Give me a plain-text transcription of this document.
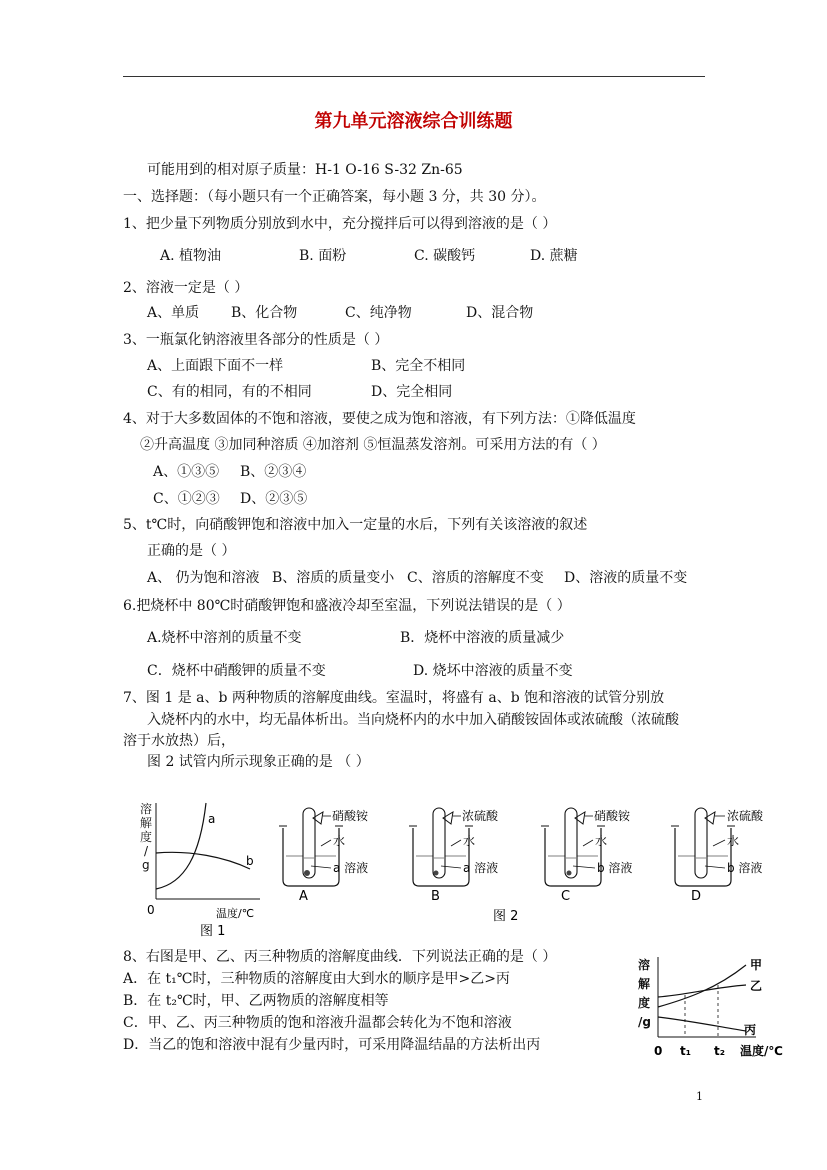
第九单元溶液综合训练题
可能用到的相对原子质量：H-1 O-16 S-32 Zn-65
一、选择题：（每小题只有一个正确答案，每小题 3 分，共 30 分）。
1、把少量下列物质分别放到水中，充分搅拌后可以得到溶液的是（ ）
A. 植物油	B. 面粉	C. 碳酸钙	D. 蔗糖
2、溶液一定是（ ）
A、单质 B、化合物	C、纯净物	D、混合物
3、一瓶氯化钠溶液里各部分的性质是（ ）
A、上面跟下面不一样	B、完全不相同
C、有的相同，有的不相同	D、完全相同
4、对于大多数固体的不饱和溶液，要使之成为饱和溶液，有下列方法：①降低温度
②升高温度 ③加同种溶质 ④加溶剂 ⑤恒温蒸发溶剂。可采用方法的有（ ）
A、①③⑤ B、②③④
C、①②③ D、②③⑤
5、t℃时，向硝酸钾饱和溶液中加入一定量的水后，下列有关该溶液的叙述
正确的是（ ）
A、 仍为饱和溶液 B、溶质的质量变小 C、溶质的溶解度不变 D、溶液的质量不变
6.把烧杯中 80℃时硝酸钾饱和盛液冷却至室温，下列说法错误的是（ ）
A.烧杯中溶剂的质量不变	B．烧杯中溶液的质量减少
C．烧杯中硝酸钾的质量不变	D. 烧坏中溶液的质量不变
7、图 1 是 a、b 两种物质的溶解度曲线。室温时，将盛有 a、b 饱和溶液的试管分别放
入烧杯内的水中，均无晶体析出。当向烧杯内的水中加入硝酸铵固体或浓硫酸（浓硫酸
溶于水放热）后，
图 2 试管内所示现象正确的是 （ ）
溶
解
度
/
g
a
b
0	温度/℃
图 1
硝酸铵
水
a 溶液
A
浓硫酸
水
a 溶液
B
硝酸铵
水
b 溶液
C
浓硫酸
水
b 溶液
D
图 2
8、右图是甲、乙、丙三种物质的溶解度曲线．下列说法正确的是（ ）
A．在 t₁℃时，三种物质的溶解度由大到水的顺序是甲>乙>丙
B．在 t₂℃时，甲、乙两物质的溶解度相等
C．甲、乙、丙三种物质的饱和溶液升温都会转化为不饱和溶液
D．当乙的饱和溶液中混有少量丙时，可采用降温结晶的方法析出丙
溶
解
度
/g
甲
乙
丙
0 t₁ t₂ 温度/℃
1
